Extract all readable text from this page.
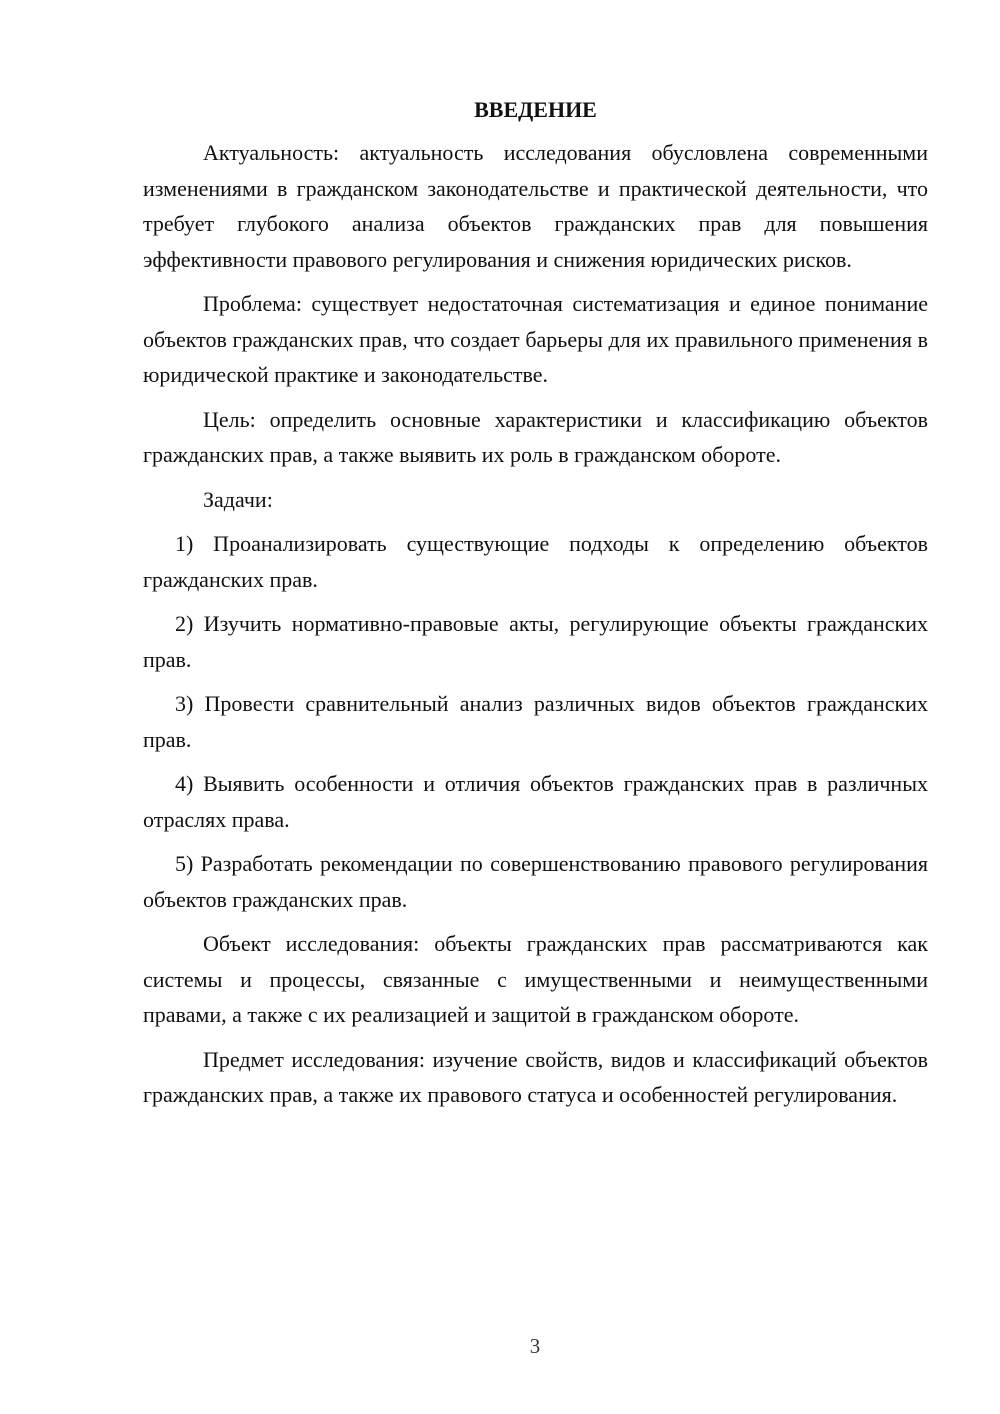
ВВЕДЕНИЕ

Актуальность: актуальность исследования обусловлена современными изменениями в гражданском законодательстве и практической деятельности, что требует глубокого анализа объектов гражданских прав для повышения эффективности правового регулирования и снижения юридических рисков.

Проблема: существует недостаточная систематизация и единое понимание объектов гражданских прав, что создает барьеры для их правильного применения в юридической практике и законодательстве.

Цель: определить основные характеристики и классификацию объектов гражданских прав, а также выявить их роль в гражданском обороте.

Задачи:

1) Проанализировать существующие подходы к определению объектов гражданских прав.

2) Изучить нормативно-правовые акты, регулирующие объекты гражданских прав.

3) Провести сравнительный анализ различных видов объектов гражданских прав.

4) Выявить особенности и отличия объектов гражданских прав в различных отраслях права.

5) Разработать рекомендации по совершенствованию правового регулирования объектов гражданских прав.

Объект исследования: объекты гражданских прав рассматриваются как системы и процессы, связанные с имущественными и неимущественными правами, а также с их реализацией и защитой в гражданском обороте.

Предмет исследования: изучение свойств, видов и классификаций объектов гражданских прав, а также их правового статуса и особенностей регулирования.

3
